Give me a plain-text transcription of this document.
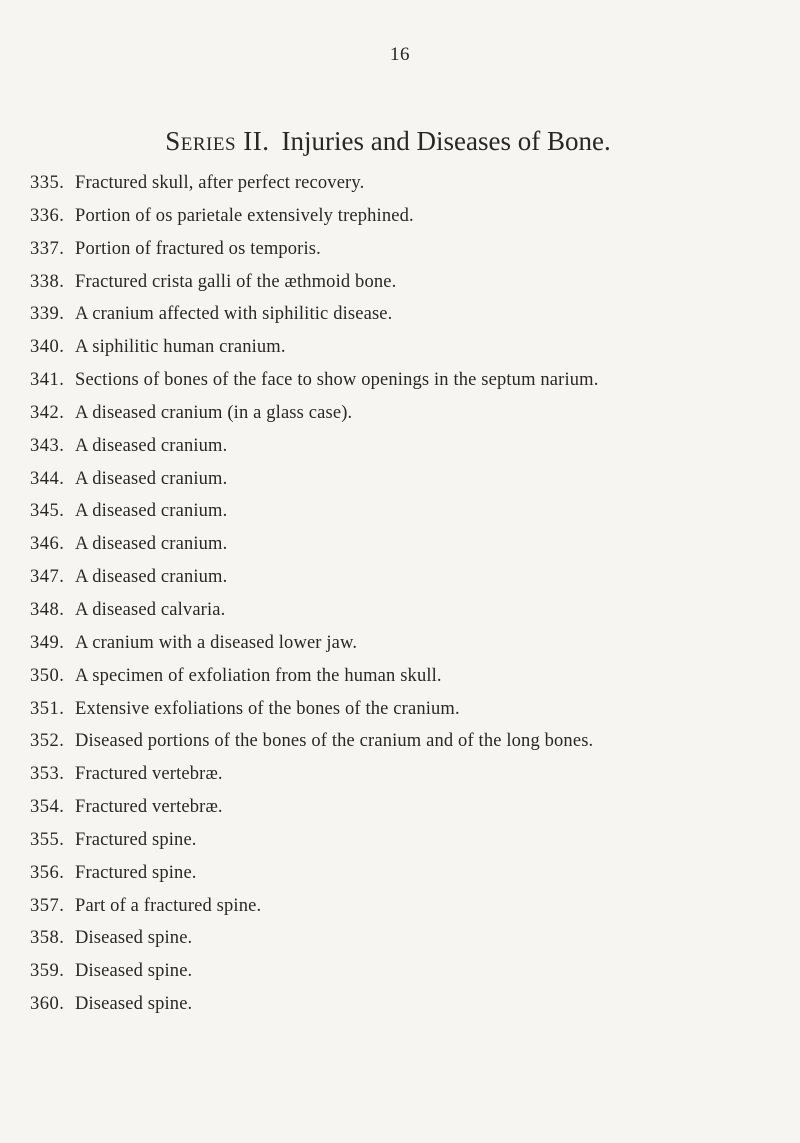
16
Series II. Injuries and Diseases of Bone.
335. Fractured skull, after perfect recovery.
336. Portion of os parietale extensively trephined.
337. Portion of fractured os temporis.
338. Fractured crista galli of the æthmoid bone.
339. A cranium affected with siphilitic disease.
340. A siphilitic human cranium.
341. Sections of bones of the face to show openings in the septum narium.
342. A diseased cranium (in a glass case).
343. A diseased cranium.
344. A diseased cranium.
345. A diseased cranium.
346. A diseased cranium.
347. A diseased cranium.
348. A diseased calvaria.
349. A cranium with a diseased lower jaw.
350. A specimen of exfoliation from the human skull.
351. Extensive exfoliations of the bones of the cranium.
352. Diseased portions of the bones of the cranium and of the long bones.
353. Fractured vertebræ.
354. Fractured vertebræ.
355. Fractured spine.
356. Fractured spine.
357. Part of a fractured spine.
358. Diseased spine.
359. Diseased spine.
360. Diseased spine.
